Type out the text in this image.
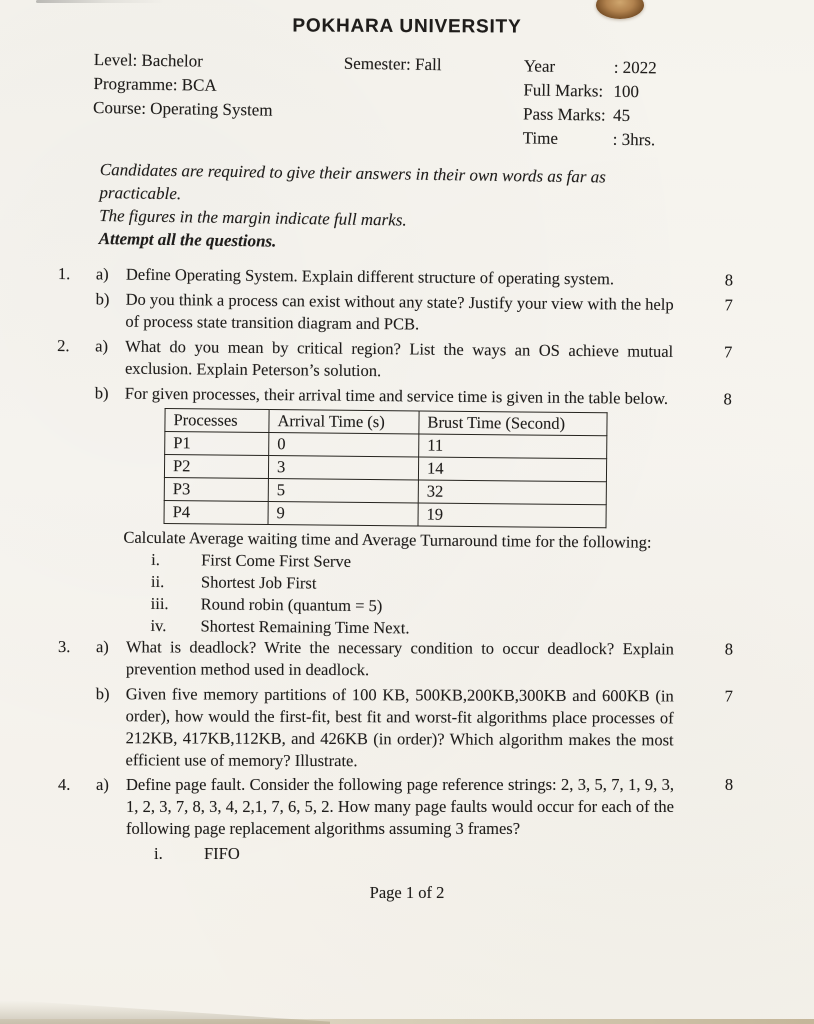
POKHARA UNIVERSITY
Level: Bachelor
Programme: BCA
Course: Operating System
Semester: Fall	Year	: 2022
Full Marks: 100
Pass Marks: 45
Time	: 3hrs.
Candidates are required to give their answers in their own words as far as practicable.
The figures in the margin indicate full marks.
Attempt all the questions.
1.	a)	Define Operating System. Explain different structure of operating system.	8
b) Do you think a process can exist without any state? Justify your view with the help of process state transition diagram and PCB.
7
2.	a)	What do you mean by critical region? List the ways an OS achieve mutual exclusion. Explain Peterson’s solution.
7
b) For given processes, their arrival time and service time is given in the table below.	8
Processes	Arrival Time (s)	Brust Time (Second)
P1	0	11
P2	3	14
P3	5	32
P4	9	19
Calculate Average waiting time and Average Turnaround time for the following:
i.	First Come First Serve
ii.	Shortest Job First
iii.	Round robin (quantum = 5)
iv.	Shortest Remaining Time Next.
3.	a)	What is deadlock? Write the necessary condition to occur deadlock? Explain prevention method used in deadlock.
8
b) Given five memory partitions of 100 KB, 500KB,200KB,300KB and 600KB (in order), how would the first-fit, best fit and worst-fit algorithms place processes of 212KB, 417KB,112KB, and 426KB (in order)? Which algorithm makes the most efficient use of memory? Illustrate.
7
4.	a)	Define page fault. Consider the following page reference strings: 2, 3, 5, 7, 1, 9, 3, 1, 2, 3, 7, 8, 3, 4, 2,1, 7, 6, 5, 2. How many page faults would occur for each of the following page replacement algorithms assuming 3 frames?
8
i.	FIFO
Page 1 of 2
